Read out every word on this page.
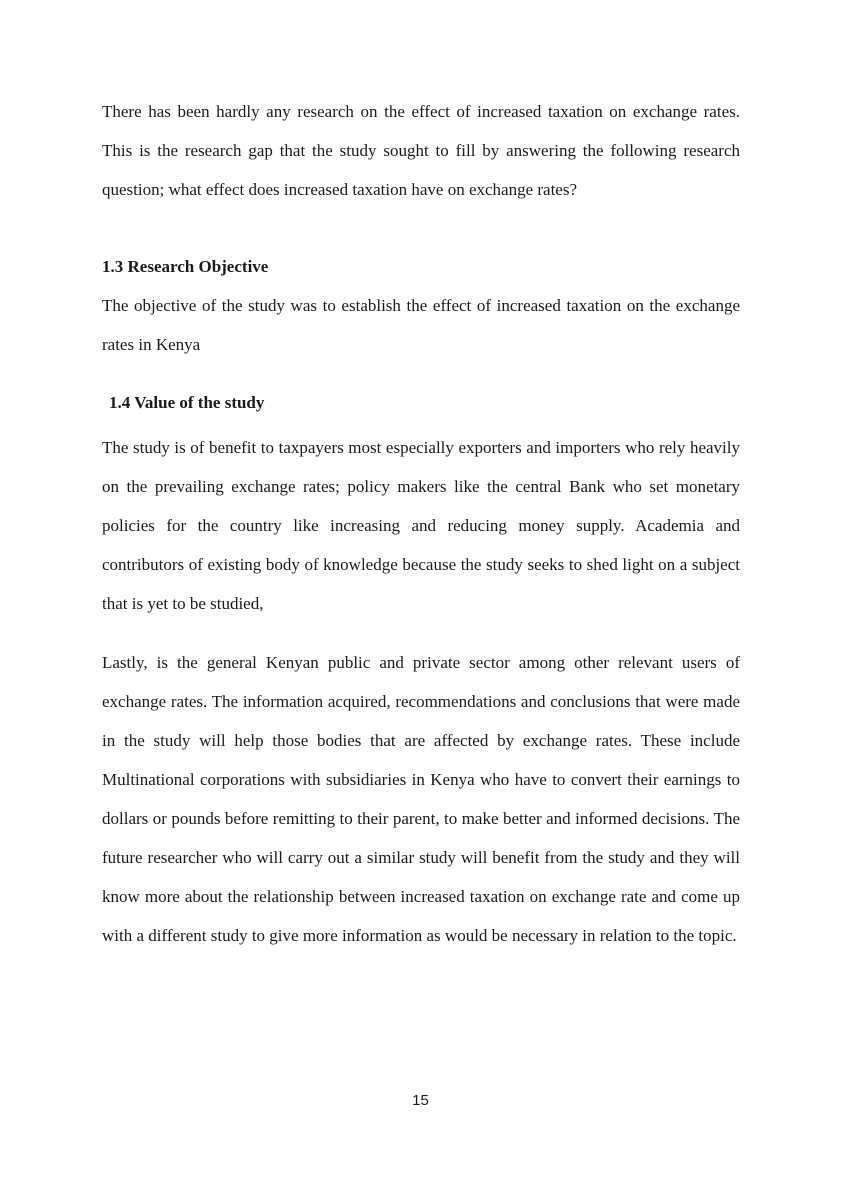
There has been hardly any research on the effect of increased taxation on exchange rates. This is the research gap that the study sought to fill by answering the following research question; what effect does increased taxation have on exchange rates?

1.3 Research Objective

The objective of the study was to establish the effect of increased taxation on the exchange rates in Kenya

1.4 Value of the study

The study is of benefit to taxpayers most especially exporters and importers who rely heavily on the prevailing exchange rates; policy makers like the central Bank who set monetary policies for the country like increasing and reducing money supply. Academia and contributors of existing body of knowledge because the study seeks to shed light on a subject that is yet to be studied,

Lastly, is the general Kenyan public and private sector among other relevant users of exchange rates. The information acquired, recommendations and conclusions that were made in the study will help those bodies that are affected by exchange rates. These include Multinational corporations with subsidiaries in Kenya who have to convert their earnings to dollars or pounds before remitting to their parent, to make better and informed decisions. The future researcher who will carry out a similar study will benefit from the study and they will know more about the relationship between increased taxation on exchange rate and come up with a different study to give more information as would be necessary in relation to the topic.

15
